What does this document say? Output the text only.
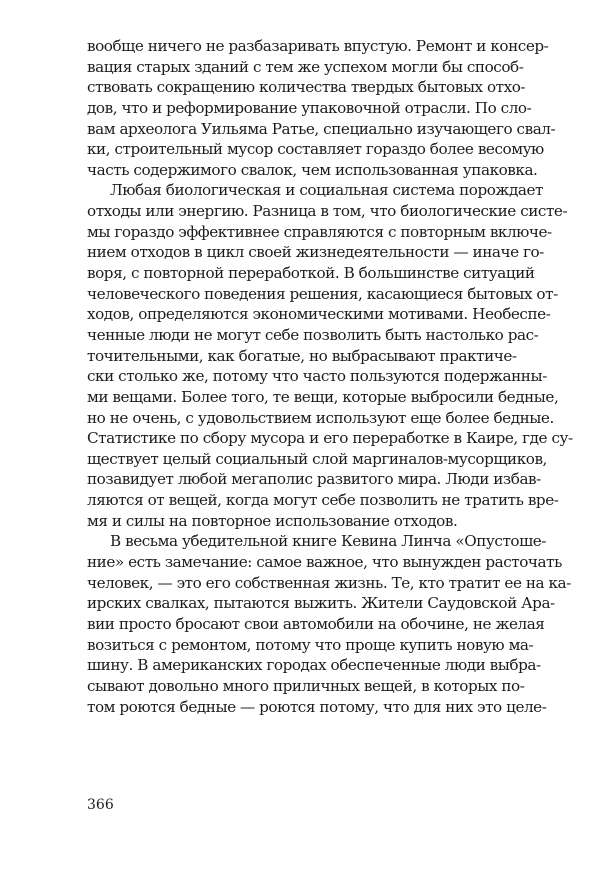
вообще ничего не разбазаривать впустую. Ремонт и консер-
вация старых зданий с тем же успехом могли бы способ-
ствовать сокращению количества твердых бытовых отхо-
дов, что и реформирование упаковочной отрасли. По сло-
вам археолога Уильяма Ратье, специально изучающего свал-
ки, строительный мусор составляет гораздо более весомую
часть содержимого свалок, чем использованная упаковка.
Любая биологическая и социальная система порождает
отходы или энергию. Разница в том, что биологические систе-
мы гораздо эффективнее справляются с повторным включе-
нием отходов в цикл своей жизнедеятельности — иначе го-
воря, с повторной переработкой. В большинстве ситуаций
человеческого поведения решения, касающиеся бытовых от-
ходов, определяются экономическими мотивами. Необеспе-
ченные люди не могут себе позволить быть настолько рас-
точительными, как богатые, но выбрасывают практиче-
ски столько же, потому что часто пользуются подержанны-
ми вещами. Более того, те вещи, которые выбросили бедные,
но не очень, с удовольствием используют еще более бедные.
Статистике по сбору мусора и его переработке в Каире, где су-
ществует целый социальный слой маргиналов-мусорщиков,
позавидует любой мегаполис развитого мира. Люди избав-
ляются от вещей, когда могут себе позволить не тратить вре-
мя и силы на повторное использование отходов.
В весьма убедительной книге Кевина Линча «Опустоше-
ние» есть замечание: самое важное, что вынужден расточать
человек, — это его собственная жизнь. Те, кто тратит ее на ка-
ирских свалках, пытаются выжить. Жители Саудовской Ара-
вии просто бросают свои автомобили на обочине, не желая
возиться с ремонтом, потому что проще купить новую ма-
шину. В американских городах обеспеченные люди выбра-
сывают довольно много приличных вещей, в которых по-
том роются бедные — роются потому, что для них это целе-
366
